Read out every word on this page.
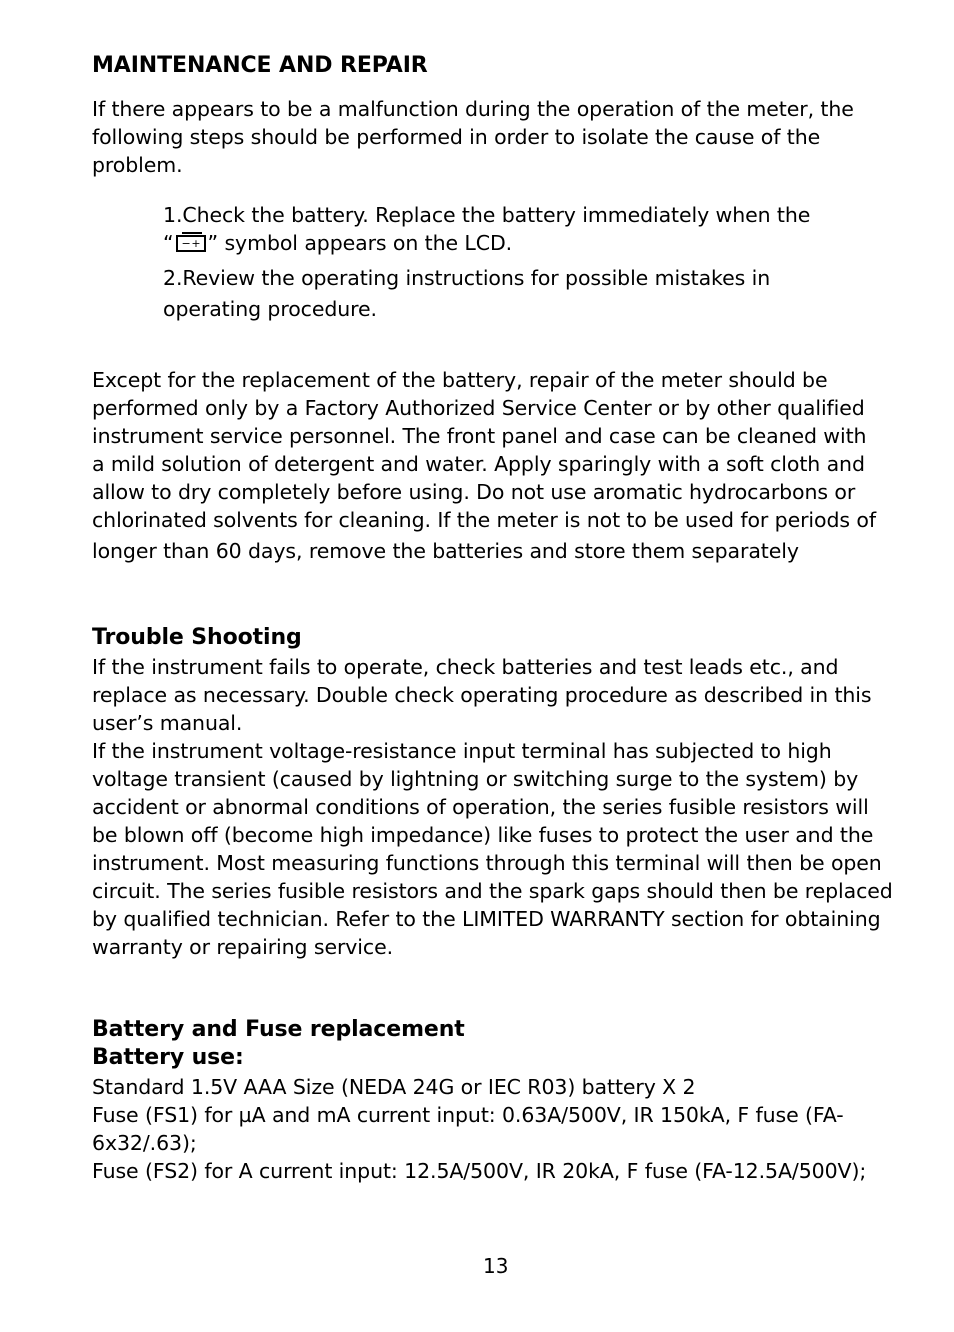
MAINTENANCE AND REPAIR
If there appears to be a malfunction during the operation of the meter, the
following steps should be performed in order to isolate the cause of the
problem.
1.Check the battery. Replace the battery immediately when the
“ − + ” symbol appears on the LCD.
2.Review the operating instructions for possible mistakes in
operating procedure.
Except for the replacement of the battery, repair of the meter should be
performed only by a Factory Authorized Service Center or by other qualified
instrument service personnel. The front panel and case can be cleaned with
a mild solution of detergent and water. Apply sparingly with a soft cloth and
allow to dry completely before using. Do not use aromatic hydrocarbons or
chlorinated solvents for cleaning. If the meter is not to be used for periods of
longer than 60 days, remove the batteries and store them separately
Trouble Shooting
If the instrument fails to operate, check batteries and test leads etc., and
replace as necessary. Double check operating procedure as described in this
user’s manual.
If the instrument voltage-resistance input terminal has subjected to high
voltage transient (caused by lightning or switching surge to the system) by
accident or abnormal conditions of operation, the series fusible resistors will
be blown off (become high impedance) like fuses to protect the user and the
instrument. Most measuring functions through this terminal will then be open
circuit. The series fusible resistors and the spark gaps should then be replaced
by qualified technician. Refer to the LIMITED WARRANTY section for obtaining
warranty or repairing service.
Battery and Fuse replacement
Battery use:
Standard 1.5V AAA Size (NEDA 24G or IEC R03) battery X 2
Fuse (FS1) for µA and mA current input: 0.63A/500V, IR 150kA, F fuse (FA-
6x32/.63);
Fuse (FS2) for A current input: 12.5A/500V, IR 20kA, F fuse (FA-12.5A/500V);
13
